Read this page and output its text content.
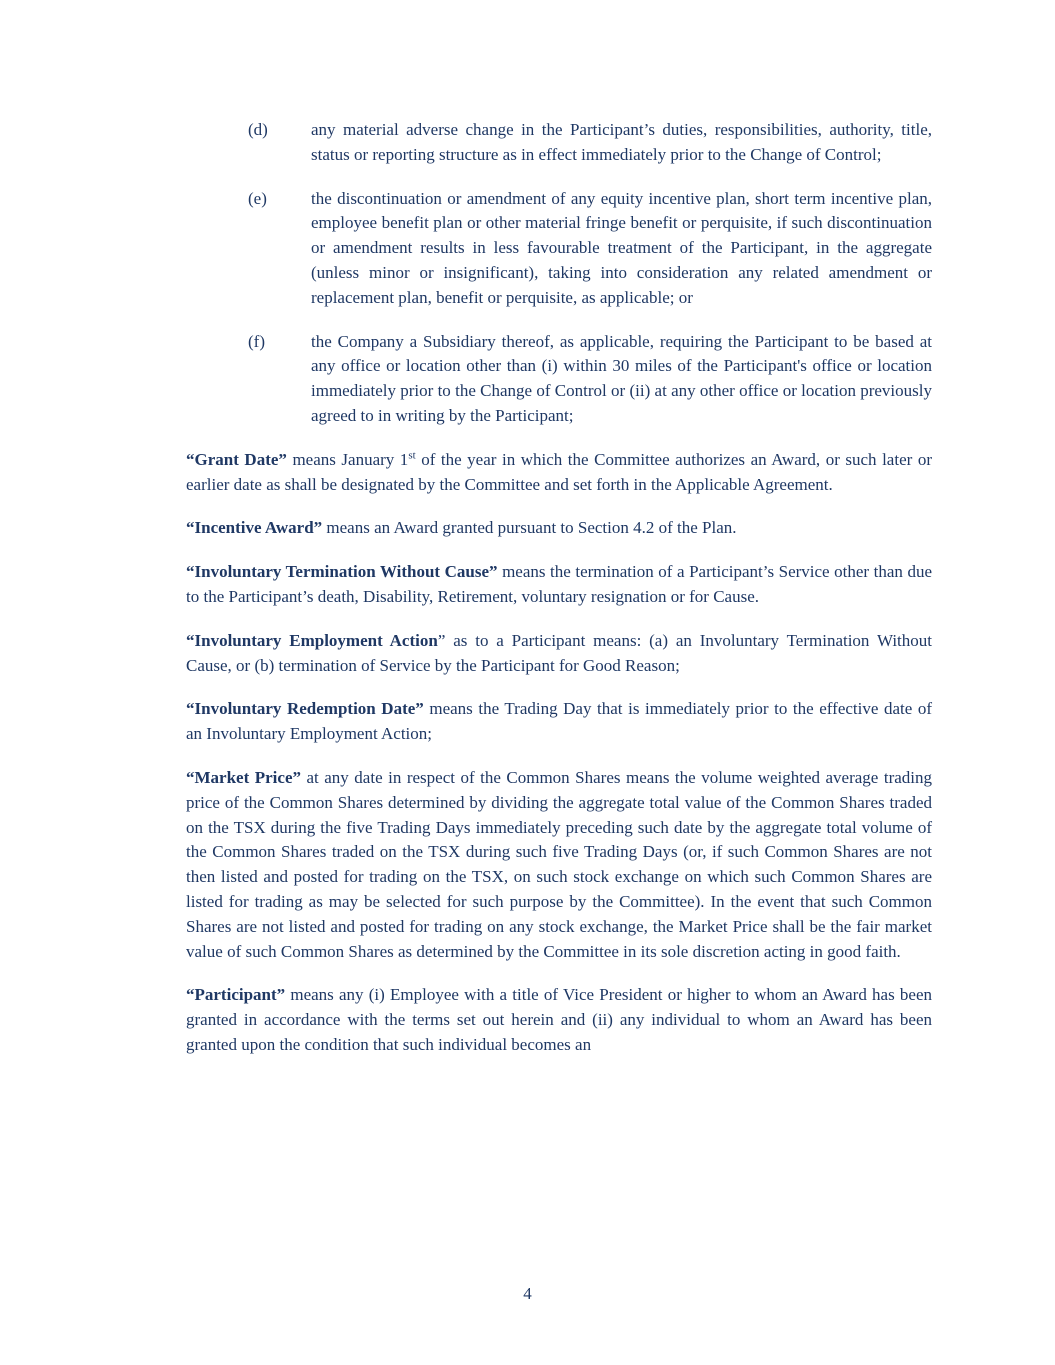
(d)	any material adverse change in the Participant’s duties, responsibilities, authority, title, status or reporting structure as in effect immediately prior to the Change of Control;
(e)	the discontinuation or amendment of any equity incentive plan, short term incentive plan, employee benefit plan or other material fringe benefit or perquisite, if such discontinuation or amendment results in less favourable treatment of the Participant, in the aggregate (unless minor or insignificant), taking into consideration any related amendment or replacement plan, benefit or perquisite, as applicable; or
(f)	the Company a Subsidiary thereof, as applicable, requiring the Participant to be based at any office or location other than (i) within 30 miles of the Participant's office or location immediately prior to the Change of Control or (ii) at any other office or location previously agreed to in writing by the Participant;

“Grant Date” means January 1st of the year in which the Committee authorizes an Award, or such later or earlier date as shall be designated by the Committee and set forth in the Applicable Agreement.

“Incentive Award” means an Award granted pursuant to Section 4.2 of the Plan.

“Involuntary Termination Without Cause” means the termination of a Participant’s Service other than due to the Participant’s death, Disability, Retirement, voluntary resignation or for Cause.

“Involuntary Employment Action” as to a Participant means: (a) an Involuntary Termination Without Cause, or (b) termination of Service by the Participant for Good Reason;

“Involuntary Redemption Date” means the Trading Day that is immediately prior to the effective date of an Involuntary Employment Action;

“Market Price” at any date in respect of the Common Shares means the volume weighted average trading price of the Common Shares determined by dividing the aggregate total value of the Common Shares traded on the TSX during the five Trading Days immediately preceding such date by the aggregate total volume of the Common Shares traded on the TSX during such five Trading Days (or, if such Common Shares are not then listed and posted for trading on the TSX, on such stock exchange on which such Common Shares are listed for trading as may be selected for such purpose by the Committee). In the event that such Common Shares are not listed and posted for trading on any stock exchange, the Market Price shall be the fair market value of such Common Shares as determined by the Committee in its sole discretion acting in good faith.

“Participant” means any (i) Employee with a title of Vice President or higher to whom an Award has been granted in accordance with the terms set out herein and (ii) any individual to whom an Award has been granted upon the condition that such individual becomes an

4
